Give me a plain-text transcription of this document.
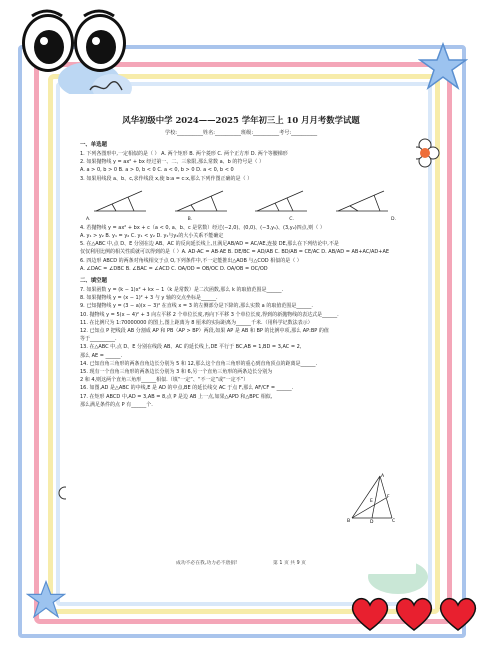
风华初级中学 2024——2025 学年初三上 10 月月考数学试题
学校:__________姓名:__________班级:__________考号:__________
一、单选题
1. 下列各图形中,一定相似的是（ ） A. 两个矩形 B. 两个菱形 C. 两个正方形 D. 两个等腰梯形
2. 如果抛物线 y = ax² + bx 经过第一、二、三象限,那么常数 a、b 的符号是（ ）
A. a > 0, b > 0 B. a > 0, b < 0 C. a < 0, b > 0 D. a < 0, b < 0
3. 如果用线段 a、b、c,求作线段 x,使 b:a = c:x,那么下列作图正确的是（ ）
A.	B.	C.	D.
4. 若抛物线 y = ax² + bx + c（a < 0, a、b、c 是常数）经过(−2,0)、(0,0)、(−3,y₁)、(3,y₂)四点,则（ ）
A. y₁ > y₂ B. y₁ = y₂ C. y₁ < y₂ D. y₁与y₂的大小关系不能确定
5. 在△ABC 中,点 D、E 分别在边 AB、AC 的反向延长线上,且满足AB/AD = AC/AE,连接 DE,那么在下列结论中,不是
仅仅利用比例的相关性质就可以得到的是（ ）A. AD·AC = AB·AE B. DE/BC = AD/AB C. BD/AB = CE/AC D. AB/AD = AB+AC/AD+AE
6. 四边形 ABCD 的两条对角线相交于点 O,下列条件中,不一定能推出△AOB 与△COD 相似的是（ ）
A. ∠DAC = ∠DBC B. ∠BAC = ∠ACD C. OA/OD = OB/OC D. OA/OB = OC/OD
二、填空题
7. 如果函数 y = (k − 1)x² + kx − 1（k 是常数）是二次函数,那么 k 的取值范围是______.
8. 如果抛物线 y = (x − 1)² + 3 与 y 轴的交点坐标是______.
9. 已知抛物线 y = (3 − a)(x − 3)² 在直线 x = 3 的左侧部分是下降的,那么实数 a 的取值范围是______.
10. 抛物线 y = 5(x − 4)² + 3 向左平移 2 个单位长度,再向下平移 3 个单位长度,得到的新抛物线的表达式是______.
11. 在比例尺为 1:70000000 的图上,图上距离为 8 厘米的实际距离为______千米.（用科学记数法表示）
12. 已知点 P 把线段 AB 分割成 AP 和 PB（AP > BP）两段,如果 AP 是 AB 和 BP 的比例中项,那么 AP:BP 的值
等于__________.
13. 在△ABC 中,点 D、E 分别在线段 AB、AC 的延长线上,DE 平行于 BC,AB = 1,BD = 3,AC = 2,
那么 AE = ______.
14. 已知直角三角形的两条直角边长分别为 5 和 12,那么这个直角三角形的重心到直角顶点的距离是______.
15. 现有一个直角三角形的两条边长分别为 3 和 6,另一个直角三角形的两条边长分别为
2 和 4,则这两个直角三角形______相似.（填“一定”、“不一定”或“一定不”）
16. 如图,AD 是△ABC 的中线,E 是 AD 的中点,BE 的延长线交 AC 于点 F,那么 AF/CF = ______.
17. 在矩形 ABCD 中,AD = 3,AB = 8,点 P 是边 AB 上一点,如果△APD 和△BPC 相似,
那么满足条件的点 P 有______个.
A
B	C
D
E
F
成功不必在我,功力必不唐捐!	第 1 页 共 9 页
